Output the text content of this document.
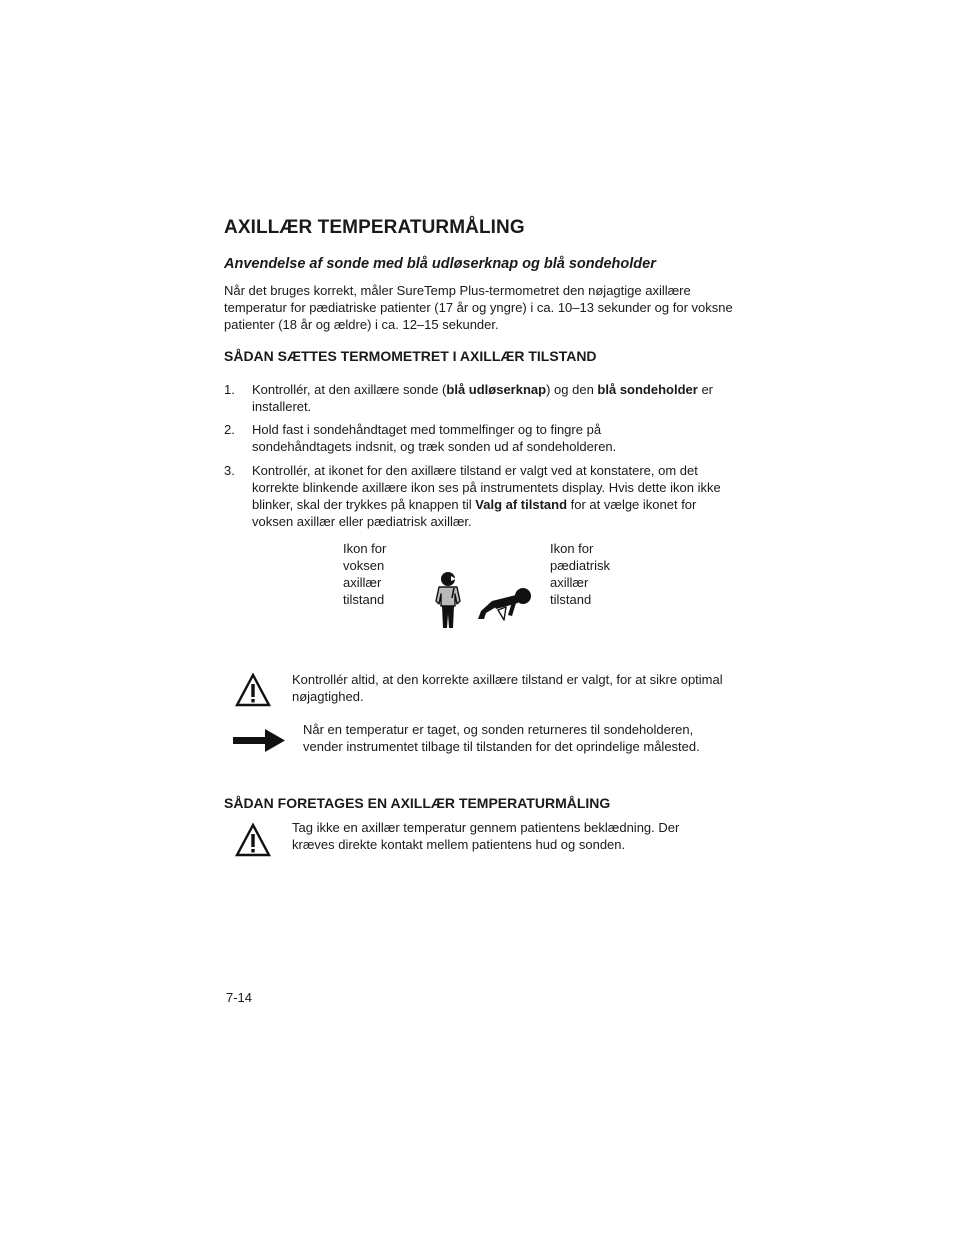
AXILLÆR TEMPERATURMÅLING
Anvendelse af sonde med blå udløserknap og blå sondeholder
Når det bruges korrekt, måler SureTemp Plus-termometret den nøjagtige axillære temperatur for pædiatriske patienter (17 år og yngre) i ca. 10–13 sekunder og for voksne patienter (18 år og ældre) i ca. 12–15 sekunder.
SÅDAN SÆTTES TERMOMETRET I AXILLÆR TILSTAND
1. Kontrollér, at den axillære sonde (blå udløserknap) og den blå sondeholder er installeret.
2. Hold fast i sondehåndtaget med tommelfinger og to fingre på sondehåndtagets indsnit, og træk sonden ud af sondeholderen.
3. Kontrollér, at ikonet for den axillære tilstand er valgt ved at konstatere, om det korrekte blinkende axillære ikon ses på instrumentets display. Hvis dette ikon ikke blinker, skal der trykkes på knappen til Valg af tilstand for at vælge ikonet for voksen axillær eller pædiatrisk axillær.
Ikon for
voksen
axillær
tilstand
Ikon for
pædiatrisk
axillær
tilstand
Kontrollér altid, at den korrekte axillære tilstand er valgt, for at sikre optimal nøjagtighed.
Når en temperatur er taget, og sonden returneres til sondeholderen, vender instrumentet tilbage til tilstanden for det oprindelige målested.
SÅDAN FORETAGES EN AXILLÆR TEMPERATURMÅLING
Tag ikke en axillær temperatur gennem patientens beklædning. Der kræves direkte kontakt mellem patientens hud og sonden.
7-14
